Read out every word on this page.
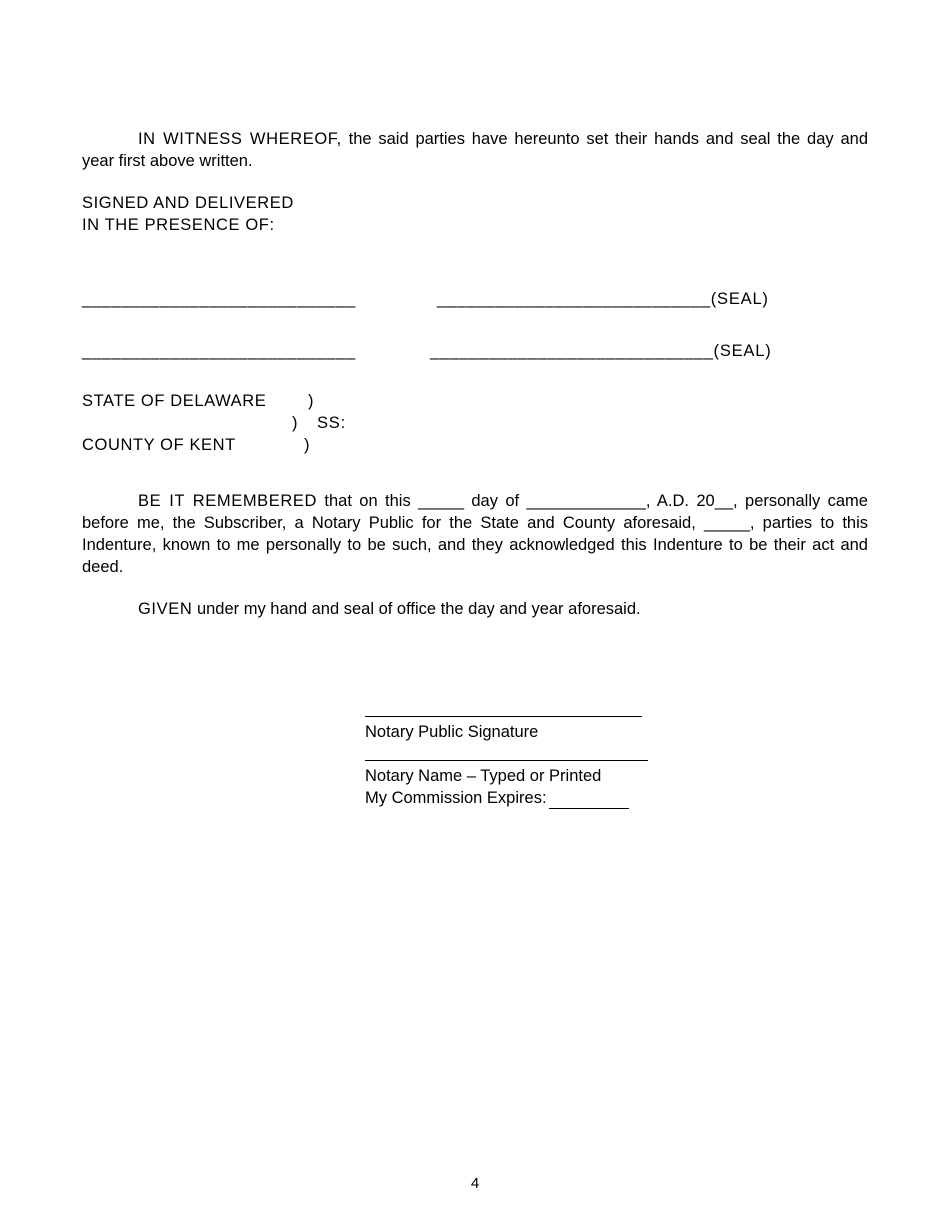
IN WITNESS WHEREOF, the said parties have hereunto set their hands and seal the day and year first above written.

SIGNED AND DELIVERED

IN THE PRESENCE OF:

____________________________	____________________________(SEAL)
____________________________	_____________________________(SEAL)
STATE OF DELAWARE	)
) SS:
COUNTY OF KENT	)

BE IT REMEMBERED that on this _____ day of _____________, A.D. 20__, personally came before me, the Subscriber, a Notary Public for the State and County aforesaid, _____, parties to this Indenture, known to me personally to be such, and they acknowledged this Indenture to be their act and deed.

GIVEN under my hand and seal of office the day and year aforesaid.

Notary Public Signature
Notary Name – Typed or Printed
My Commission Expires:
4
